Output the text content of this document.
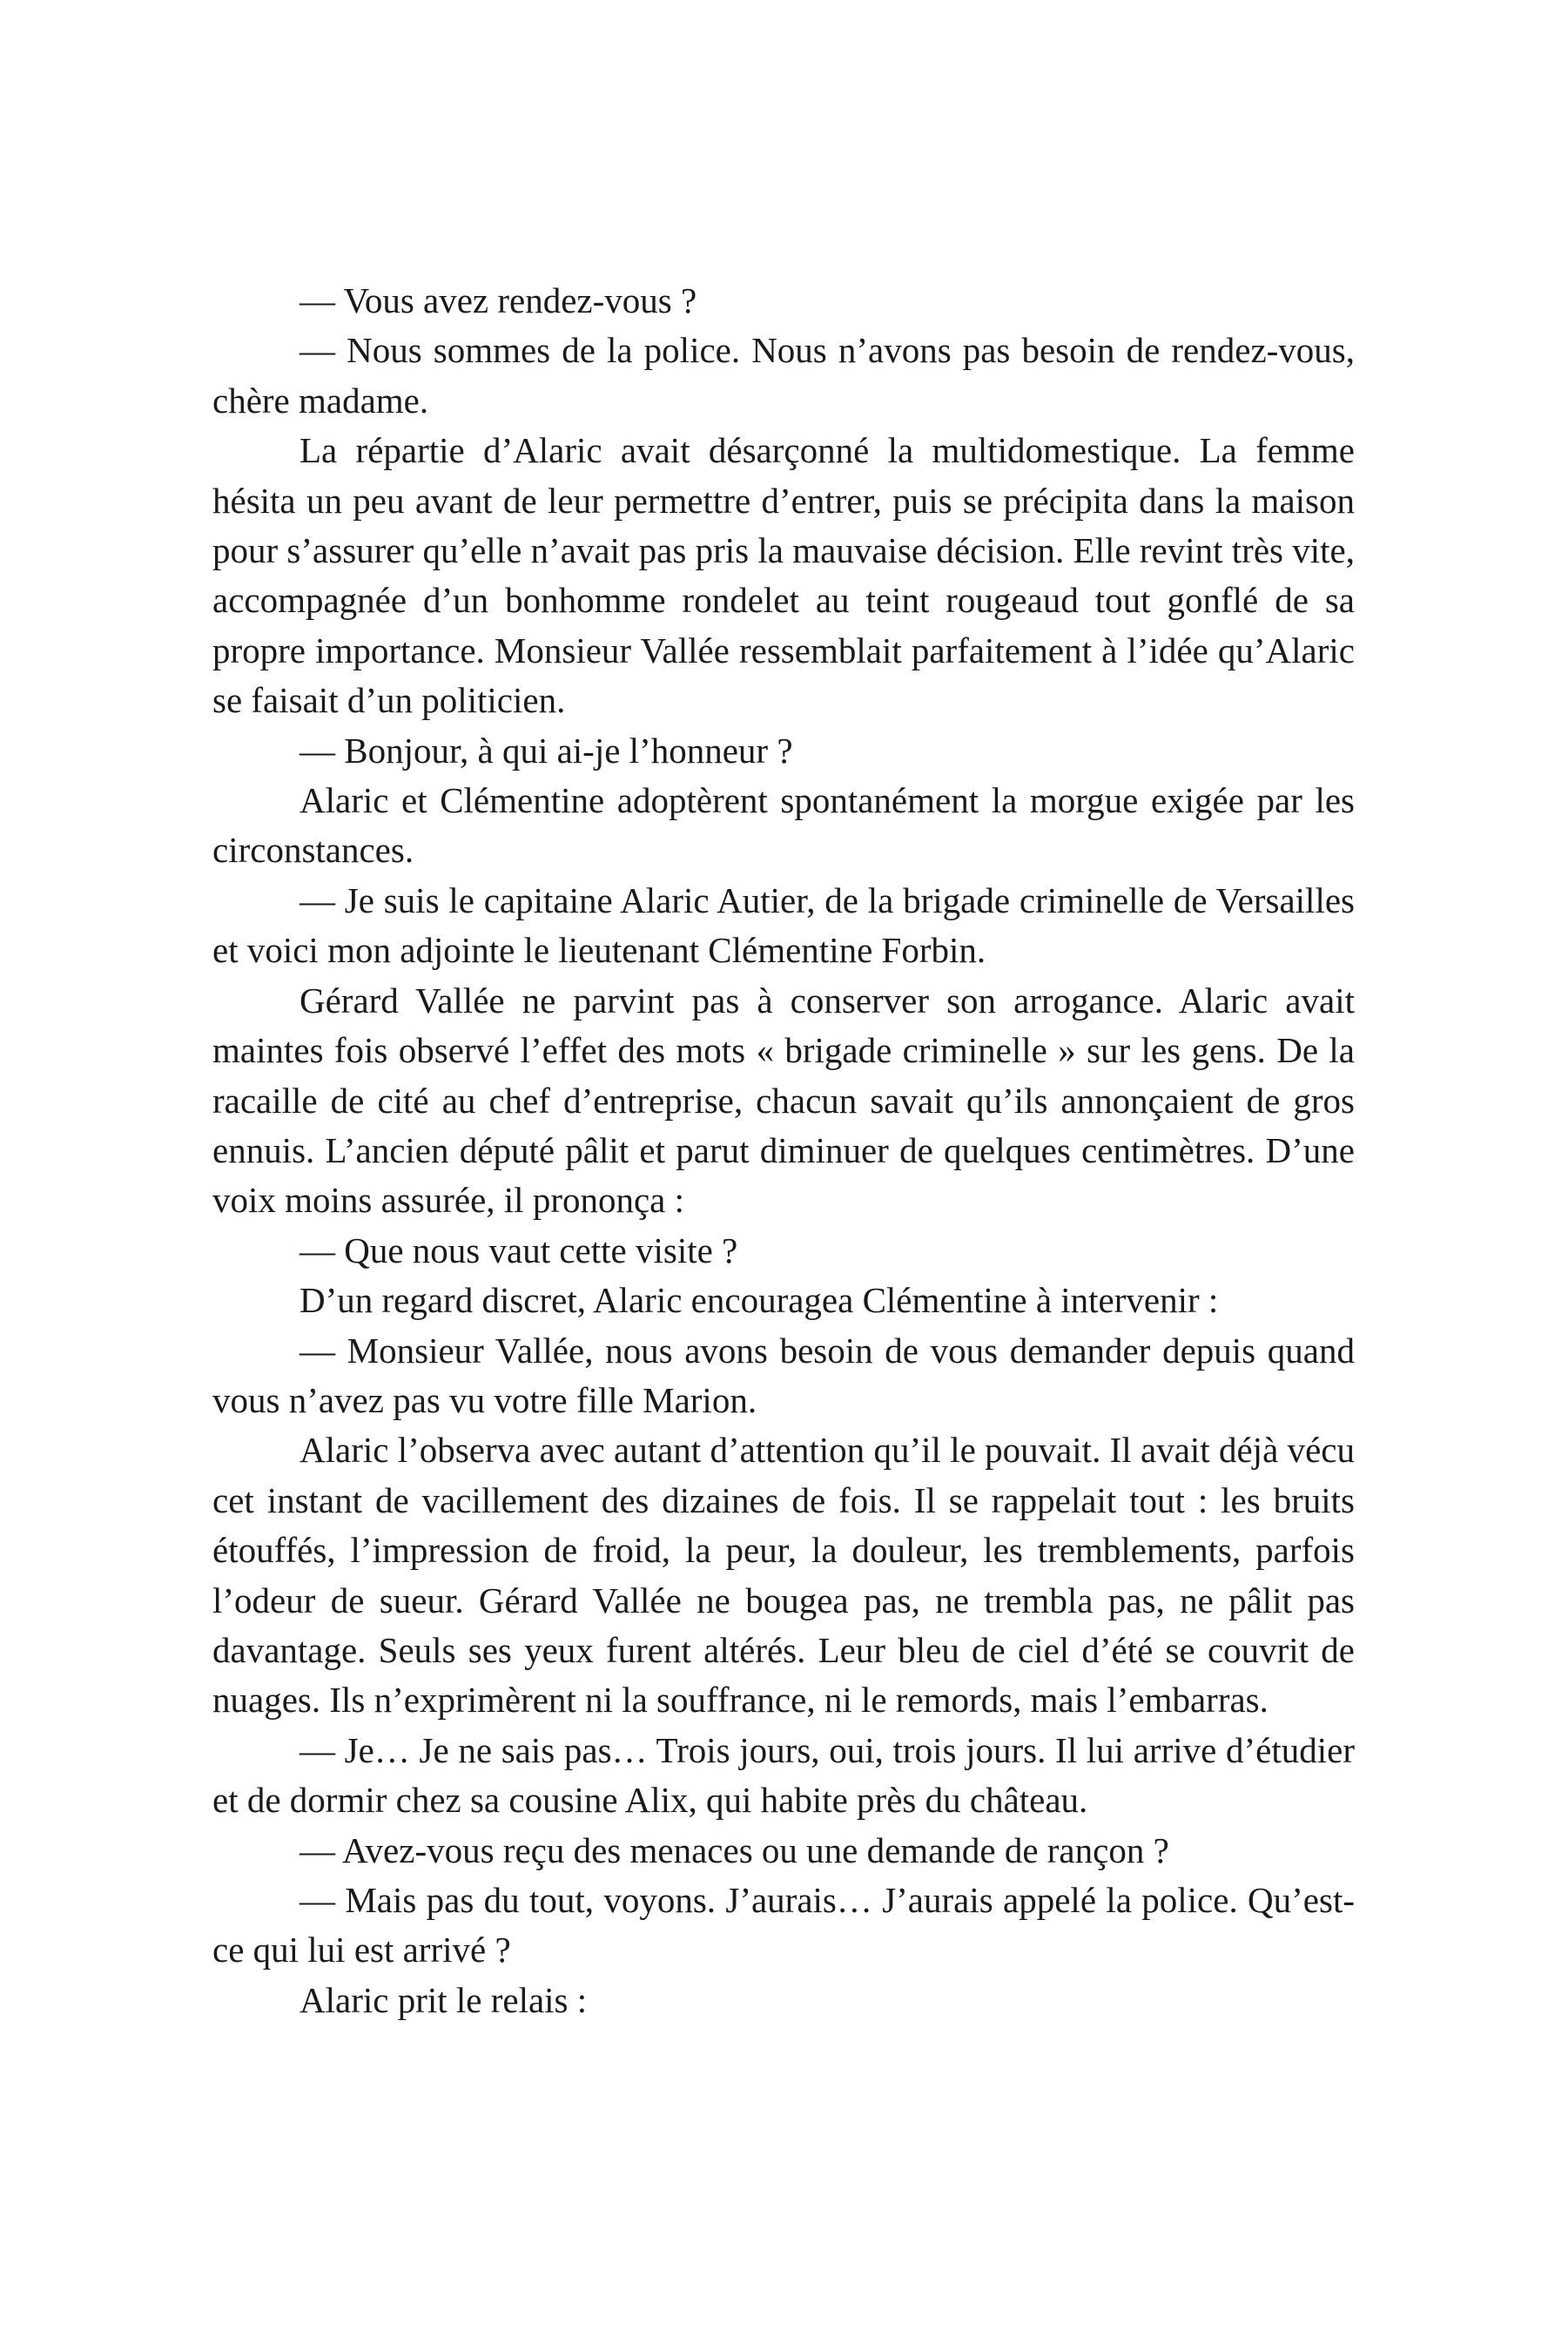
— Vous avez rendez-vous ?

— Nous sommes de la police. Nous n’avons pas besoin de rendez-vous, chère madame.

La répartie d’Alaric avait désarçonné la multidomestique. La femme hésita un peu avant de leur permettre d’entrer, puis se précipita dans la maison pour s’assurer qu’elle n’avait pas pris la mauvaise décision. Elle revint très vite, accompagnée d’un bonhomme rondelet au teint rougeaud tout gonflé de sa propre importance. Monsieur Vallée ressemblait parfaitement à l’idée qu’Alaric se faisait d’un politicien.

— Bonjour, à qui ai-je l’honneur ?

Alaric et Clémentine adoptèrent spontanément la morgue exigée par les circonstances.

— Je suis le capitaine Alaric Autier, de la brigade criminelle de Versailles et voici mon adjointe le lieutenant Clémentine Forbin.

Gérard Vallée ne parvint pas à conserver son arrogance. Alaric avait maintes fois observé l’effet des mots « brigade criminelle » sur les gens. De la racaille de cité au chef d’entreprise, chacun savait qu’ils annonçaient de gros ennuis. L’ancien député pâlit et parut diminuer de quelques centimètres. D’une voix moins assurée, il prononça :

— Que nous vaut cette visite ?

D’un regard discret, Alaric encouragea Clémentine à intervenir :

— Monsieur Vallée, nous avons besoin de vous demander depuis quand vous n’avez pas vu votre fille Marion.

Alaric l’observa avec autant d’attention qu’il le pouvait. Il avait déjà vécu cet instant de vacillement des dizaines de fois. Il se rappelait tout : les bruits étouffés, l’impression de froid, la peur, la douleur, les tremblements, parfois l’odeur de sueur. Gérard Vallée ne bougea pas, ne trembla pas, ne pâlit pas davantage. Seuls ses yeux furent altérés. Leur bleu de ciel d’été se couvrit de nuages. Ils n’exprimèrent ni la souffrance, ni le remords, mais l’embarras.

— Je… Je ne sais pas… Trois jours, oui, trois jours. Il lui arrive d’étudier et de dormir chez sa cousine Alix, qui habite près du château.

— Avez-vous reçu des menaces ou une demande de rançon ?

— Mais pas du tout, voyons. J’aurais… J’aurais appelé la police. Qu’est-ce qui lui est arrivé ?

Alaric prit le relais :
